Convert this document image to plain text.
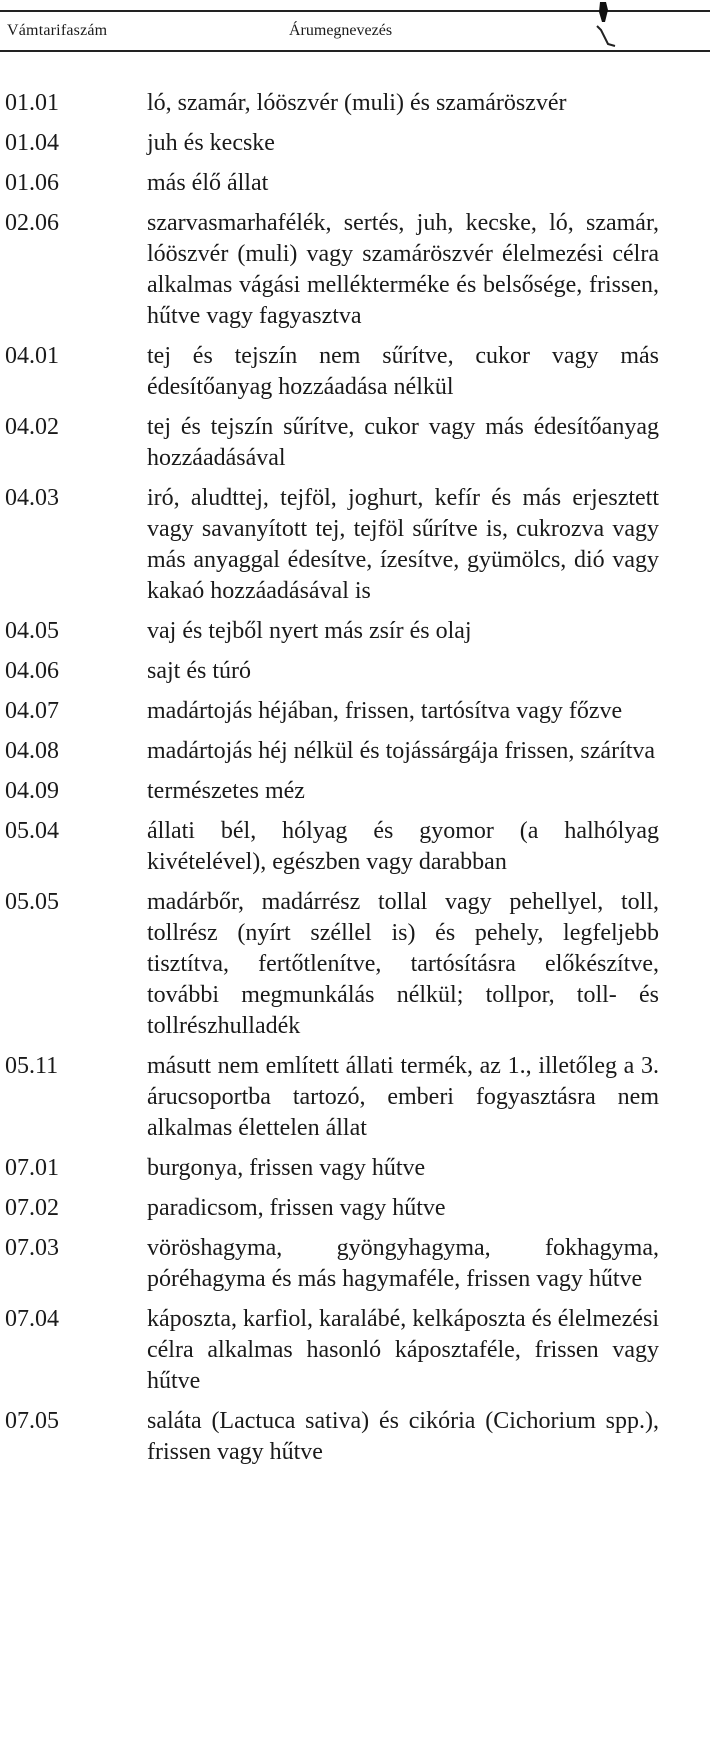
Vámtarifaszám	Árumegnevezés
01.01	ló, szamár, lóöszvér (muli) és szamáröszvér
01.04	juh és kecske
01.06	más élő állat
02.06	szarvasmarhafélék, sertés, juh, kecske, ló, szamár, lóöszvér (muli) vagy szamáröszvér élelmezési célra alkalmas vágási mellékterméke és belsősége, frissen, hűtve vagy fagyasztva
04.01	tej és tejszín nem sűrítve, cukor vagy más édesítőanyag hozzáadása nélkül
04.02	tej és tejszín sűrítve, cukor vagy más édesítőanyag hozzáadásával
04.03	iró, aludttej, tejföl, joghurt, kefír és más erjesztett vagy savanyított tej, tejföl sűrítve is, cukrozva vagy más anyaggal édesítve, ízesítve, gyümölcs, dió vagy kakaó hozzáadásával is
04.05	vaj és tejből nyert más zsír és olaj
04.06	sajt és túró
04.07	madártojás héjában, frissen, tartósítva vagy főzve
04.08	madártojás héj nélkül és tojássárgája frissen, szárítva
04.09	természetes méz
05.04	állati bél, hólyag és gyomor (a halhólyag kivételével), egészben vagy darabban
05.05	madárbőr, madárrész tollal vagy pehellyel, toll, tollrész (nyírt széllel is) és pehely, legfeljebb tisztítva, fertőtlenítve, tartósításra előkészítve, további megmunkálás nélkül; tollpor, toll- és tollrészhulladék
05.11	másutt nem említett állati termék, az 1., illetőleg a 3. árucsoportba tartozó, emberi fogyasztásra nem alkalmas élettelen állat
07.01	burgonya, frissen vagy hűtve
07.02	paradicsom, frissen vagy hűtve
07.03	vöröshagyma, gyöngyhagyma, fokhagyma, póréhagyma és más hagymaféle, frissen vagy hűtve
07.04	káposzta, karfiol, karalábé, kelkáposzta és élelmezési célra alkalmas hasonló káposztaféle, frissen vagy hűtve
07.05	saláta (Lactuca sativa) és cikória (Cichorium spp.), frissen vagy hűtve
